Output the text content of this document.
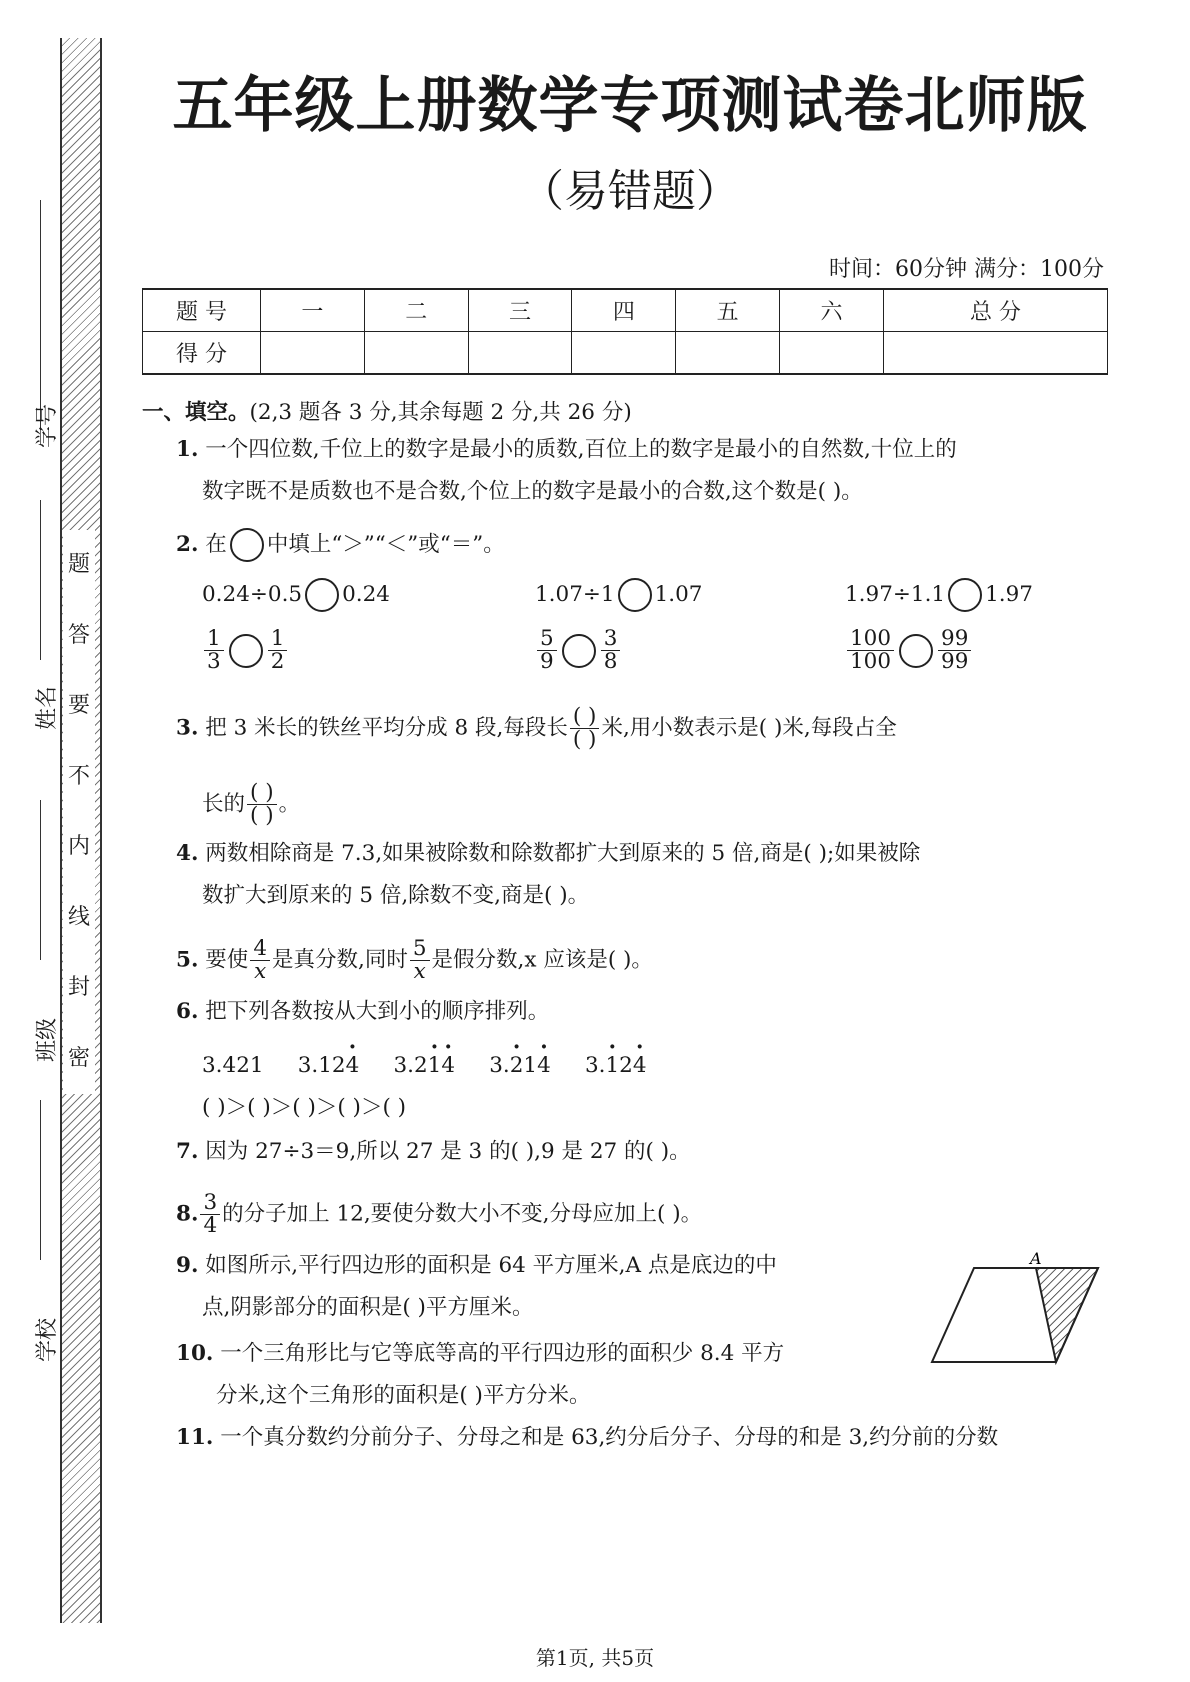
题
答
要
不
内
线
封
密
学号
姓名
班级
学校
五年级上册数学专项测试卷北师版
（易错题）
时间：60分钟 满分：100分
题 号	一	二	三	四	五	六	总 分
得 分							
一、填空。(2,3 题各 3 分,其余每题 2 分,共 26 分)
1. 一个四位数,千位上的数字是最小的质数,百位上的数字是最小的自然数,十位上的
数字既不是质数也不是合数,个位上的数字是最小的合数,这个数是( )。
2. 在 中填上“＞”“＜”或“＝”。
0.24÷0.5 0.24	1.07÷1 1.07	1.97÷1.1 1.97
$\frac{1}{3} \frac{1}{2}$	$\frac{5}{9} \frac{3}{8}$	$\frac{100}{100} \frac{99}{99}$
3. 把 3 米长的铁丝平均分成 8 段,每段长 $\frac{( )}{( )}$ 米,用小数表示是( )米,每段占全
长的 $\frac{( )}{( )}$ 。
4. 两数相除商是 7.3,如果被除数和除数都扩大到原来的 5 倍,商是( );如果被除
数扩大到原来的 5 倍,除数不变,商是( )。
5. 要使 $\frac{4}{x}$ 是真分数,同时 $\frac{5}{x}$ 是假分数,x 应该是( )。
6. 把下列各数按从大到小的顺序排列。
3.421 3.12· 4 3.2· 1· 4 3.· 21· 4 3.· 12· 4
( )＞( )＞( )＞( )＞( )
7. 因为 27÷3＝9,所以 27 是 3 的( ),9 是 27 的( )。
8. $\frac{3}{4}$ 的分子加上 12,要使分数大小不变,分母应加上( )。
9. 如图所示,平行四边形的面积是 64 平方厘米,A 点是底边的中
点,阴影部分的面积是( )平方厘米。
A
10. 一个三角形比与它等底等高的平行四边形的面积少 8.4 平方
分米,这个三角形的面积是( )平方分米。
11. 一个真分数约分前分子、分母之和是 63,约分后分子、分母的和是 3,约分前的分数
第1页, 共5页
